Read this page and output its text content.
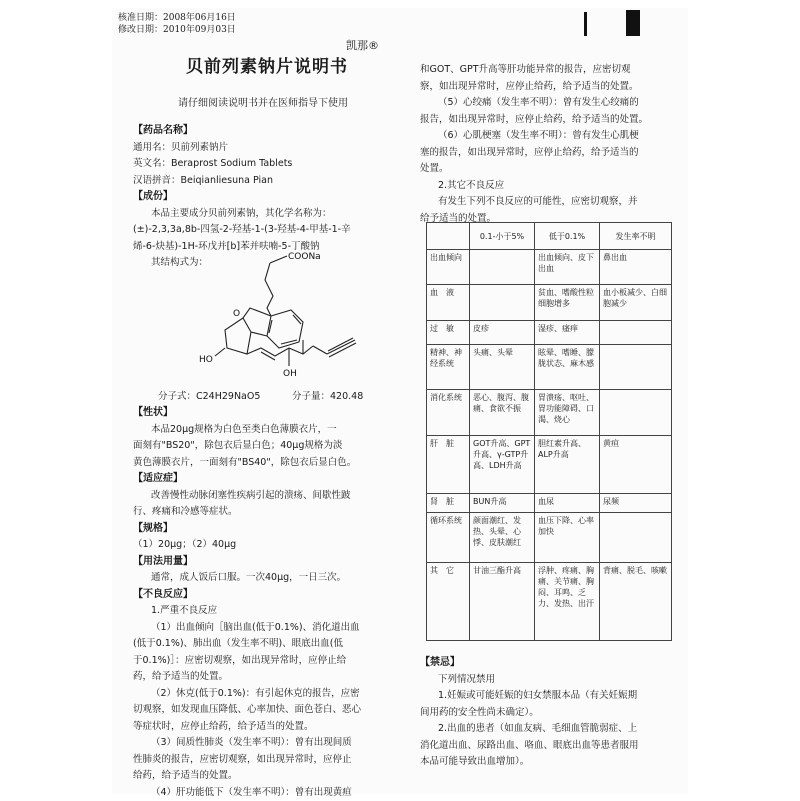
核准日期：2008年06月16日
修改日期：2010年09月03日
凯那®
贝前列素钠片说明书
请仔细阅读说明书并在医师指导下使用

【药品名称】

通用名：贝前列素钠片

英文名：Beraprost Sodium Tablets

汉语拼音：Beiqianliesuna Pian

【成份】

本品主要成分贝前列素钠，其化学名称为：

(±)-2,3,3a,8b-四氢-2-羟基-1-(3-羟基-4-甲基-1-辛

烯-6-炔基)-1H-环戊并[b]苯并呋喃-5-丁酸钠

其结构式为：	COONa
O
HO
OH
分子式：C24H29NaO5	分子量：420.48

【性状】

本品20μg规格为白色至类白色薄膜衣片，一

面刻有"BS20"，除包衣后显白色；40μg规格为淡

黄色薄膜衣片，一面刻有"BS40"，除包衣后显白色。

【适应症】

改善慢性动脉闭塞性疾病引起的溃疡、间歇性跛

行、疼痛和冷感等症状。

【规格】

（1）20μg；（2）40μg

【用法用量】

通常，成人饭后口服。一次40μg，一日三次。

【不良反应】

1.严重不良反应

（1）出血倾向［脑出血(低于0.1%)、消化道出血

(低于0.1%)、肺出血（发生率不明)、眼底出血(低

于0.1%)］：应密切观察，如出现异常时，应停止给

药，给予适当的处置。

（2）休克(低于0.1%)：有引起休克的报告，应密

切观察，如发现血压降低、心率加快、面色苍白、恶心

等症状时，应停止给药，给予适当的处置。

（3）间质性肺炎（发生率不明）：曾有出现间质

性肺炎的报告，应密切观察，如出现异常时，应停止

给药，给予适当的处置。

（4）肝功能低下（发生率不明）：曾有出现黄疸

和GOT、GPT升高等肝功能异常的报告，应密切观

察，如出现异常时，应停止给药，给予适当的处置。

（5）心绞痛（发生率不明）：曾有发生心绞痛的

报告，如出现异常时，应停止给药，给予适当的处置。

（6）心肌梗塞（发生率不明）：曾有发生心肌梗

塞的报告，如出现异常时，应停止给药，给予适当的

处置。

2.其它不良反应

有发生下列不良反应的可能性，应密切观察，并

给予适当的处置。

	0.1-小于5%	低于0.1%	发生率不明
出血倾向		出血倾向、皮下出血	鼻出血
血　液		贫血、嗜酸性粒细胞增多	血小板减少、白细胞减少
过　敏	皮疹	湿疹、瘙痒	
精神、神经系统	头痛、头晕	眩晕、嗜睡、朦胧状态、麻木感	
消化系统	恶心、腹泻、腹痛、食欲不振	胃溃疡、呕吐、胃功能障碍、口渴、烧心	
肝　脏	GOT升高、GPT升高、γ-GTP升高、LDH升高	胆红素升高、ALP升高	黄疸
肾　脏	BUN升高	血尿	尿频
循环系统	颜面潮红、发热、头晕、心悸、皮肤潮红	血压下降、心率加快	
其　它	甘油三酯升高	浮肿、疼痛、胸痛、关节痛、胸闷、耳鸣、乏力、发热、出汗	背痛、脱毛、咳嗽

【禁忌】

下列情况禁用

1.妊娠或可能妊娠的妇女禁服本品（有关妊娠期

间用药的安全性尚未确定）。

2.出血的患者（如血友病、毛细血管脆弱症、上

消化道出血、尿路出血、咯血、眼底出血等患者服用

本品可能导致出血增加）。
